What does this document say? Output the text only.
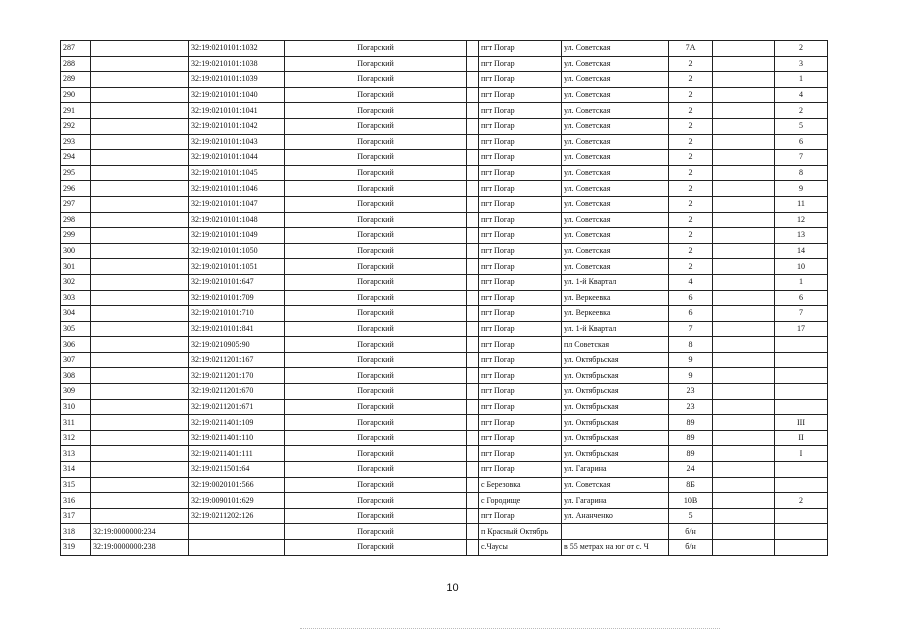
287		32:19:0210101:1032	Погарский		пгт Погар	ул. Советская	7А		2
288		32:19:0210101:1038	Погарский		пгт Погар	ул. Советская	2		3
289		32:19:0210101:1039	Погарский		пгт Погар	ул. Советская	2		1
290		32:19:0210101:1040	Погарский		пгт Погар	ул. Советская	2		4
291		32:19:0210101:1041	Погарский		пгт Погар	ул. Советская	2		2
292		32:19:0210101:1042	Погарский		пгт Погар	ул. Советская	2		5
293		32:19:0210101:1043	Погарский		пгт Погар	ул. Советская	2		6
294		32:19:0210101:1044	Погарский		пгт Погар	ул. Советская	2		7
295		32:19:0210101:1045	Погарский		пгт Погар	ул. Советская	2		8
296		32:19:0210101:1046	Погарский		пгт Погар	ул. Советская	2		9
297		32:19:0210101:1047	Погарский		пгт Погар	ул. Советская	2		11
298		32:19:0210101:1048	Погарский		пгт Погар	ул. Советская	2		12
299		32:19:0210101:1049	Погарский		пгт Погар	ул. Советская	2		13
300		32:19:0210101:1050	Погарский		пгт Погар	ул. Советская	2		14
301		32:19:0210101:1051	Погарский		пгт Погар	ул. Советская	2		10
302		32:19:0210101:647	Погарский		пгт Погар	ул. 1-й Квартал	4		1
303		32:19:0210101:709	Погарский		пгт Погар	ул. Веркеевка	6		6
304		32:19:0210101:710	Погарский		пгт Погар	ул. Веркеевка	6		7
305		32:19:0210101:841	Погарский		пгт Погар	ул. 1-й Квартал	7		17
306		32:19:0210905:90	Погарский		пгт Погар	пл Советская	8		
307		32:19:0211201:167	Погарский		пгт Погар	ул. Октябрьская	9		
308		32:19:0211201:170	Погарский		пгт Погар	ул. Октябрьская	9		
309		32:19:0211201:670	Погарский		пгт Погар	ул. Октябрьская	23		
310		32:19:0211201:671	Погарский		пгт Погар	ул. Октябрьская	23		
311		32:19:0211401:109	Погарский		пгт Погар	ул. Октябрьская	89		III
312		32:19:0211401:110	Погарский		пгт Погар	ул. Октябрьская	89		II
313		32:19:0211401:111	Погарский		пгт Погар	ул. Октябрьская	89		I
314		32:19:0211501:64	Погарский		пгт Погар	ул. Гагарина	24		
315		32:19:0020101:566	Погарский		с Березовка	ул. Советская	8Б		
316		32:19:0090101:629	Погарский		с Городище	ул. Гагарина	10В		2
317		32:19:0211202:126	Погарский		пгт Погар	ул. Ананченко	5		
318	32:19:0000000:234		Погарский		п Красный Октябрь		б/н		
319	32:19:0000000:238		Погарский		с.Чаусы	в 55 метрах на юг от с. Ч	б/н		
10
